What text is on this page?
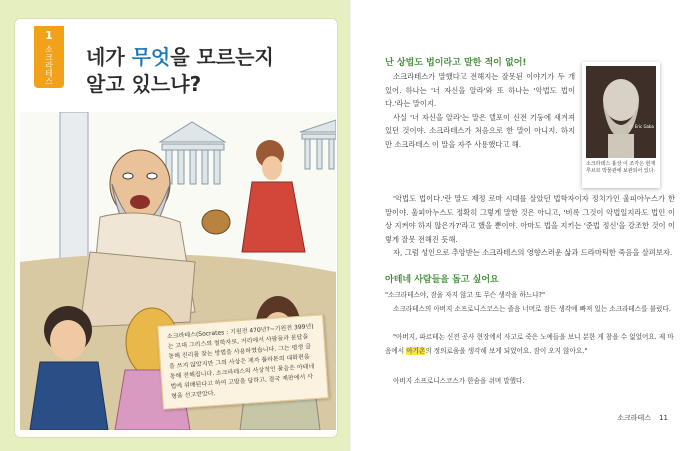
1
소크라테스 네가 무엇을 모르는지
알고 있느냐?
소크라테스(Socrates : 기원전 470년?~기원전 399년)는 고대 그리스의 철학자로, 거리에서 사람들과 문답을 통해 진리를 찾는 방법을 사용하였습니다. 그는 평생 글을 쓰지 않았지만 그의 사상은 제자 플라톤의 대화편을 통해 전해집니다. 소크라테스의 사상적인 물음은 아테네 법에 위배된다고 하여 고발을 당하고, 결국 재판에서 사형을 선고받았다.
난 상법도 법이라고 말한 적이 없어!

소크라테스가 말했다고 전해지는 잘못된 이야기가 두 개 있어. 하나는 '너 자신을 알라'와 또 하나는 '악법도 법이다.'라는 말이지.

사실 '너 자신을 알라'는 말은 델포이 신전 기둥에 새겨져 있던 것이야. 소크라테스가 처음으로 한 말이 아니지. 하지만 소크라테스 이 말을 자주 사용했다고 해.

Ⓒ Eric Gaba
소크라테스 흉상 이 조각은 현재 루브르 박물관에 보관되어 있다.

'악법도 법이다.'란 말도 제정 로마 시대를 살았던 법학자이자 정치가인 울피아누스가 한 말이야. 울피아누스도 정확히 그렇게 말한 것은 아니고, '비록 그것이 악법일지라도 법인 이상 지켜야 하지 않은가?'라고 했을 뿐이야. 아마도 법을 지키는 '준법 정신'을 강조한 것이 이렇게 잘못 전해진 듯해.

자, 그럼 성인으로 추앙받는 소크라테스의 영향스러운 삶과 드라마틱한 죽음을 살펴보자.

아테네 사람들을 돕고 싶어요
"소크라테스야, 잠을 자지 않고 또 무슨 생각을 하느냐?"
소크라테스의 아버지 소프로니스코스는 졸음 너머로 잠든 생각에 빠져 있는 소크라테스를 불렀다.
"아버지, 파르테논 신전 공사 현장에서 사고로 죽은 노예들을 보니 분한 게 참을 수 없었어요. 제 마음에서 아기온의 정의로움을 생각해 보게 되었어요. 잠이 오지 않아요."
아버지 소프로니스코스가 한숨을 쉬며 말했다.
소크라테스 11
